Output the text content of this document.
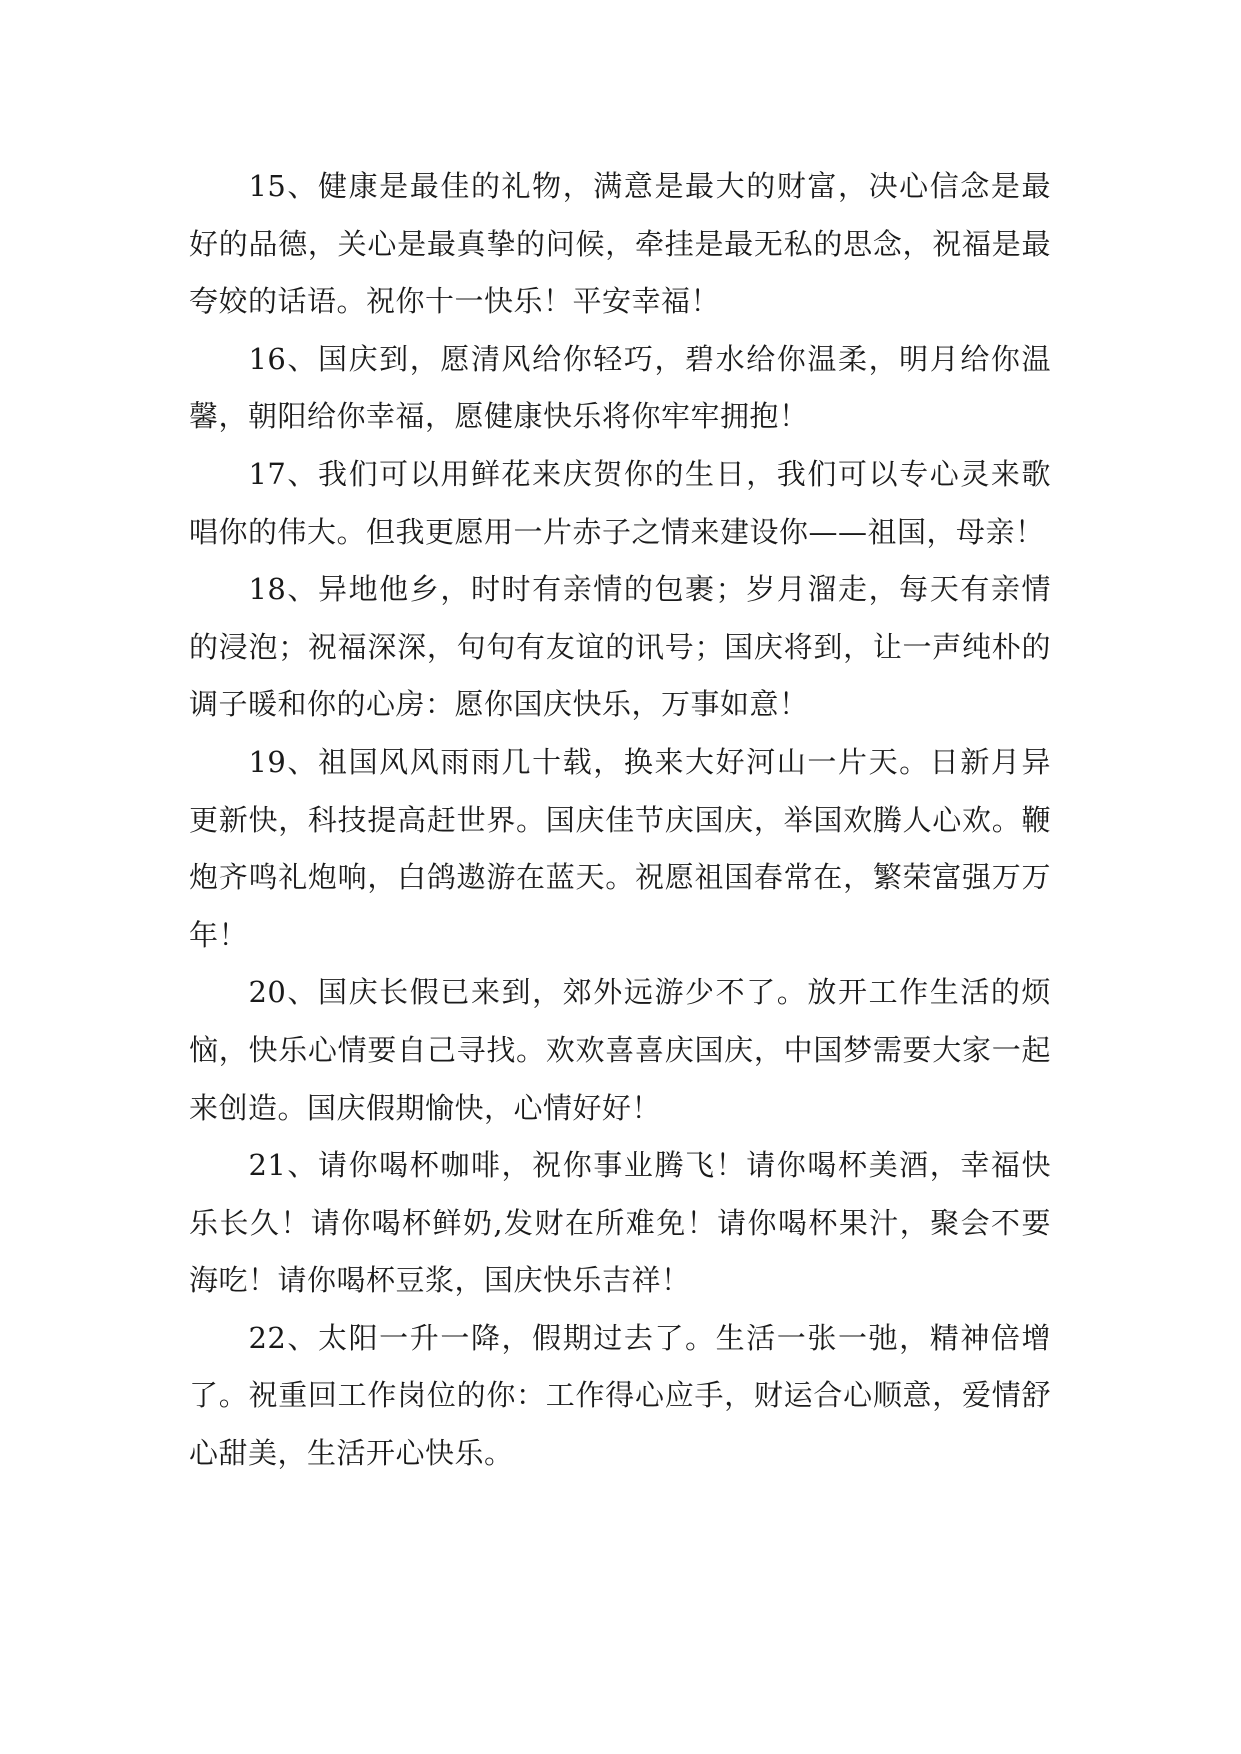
15、健康是最佳的礼物，满意是最大的财富，决心信念是最好的品德，关心是最真挚的问候，牵挂是最无私的思念，祝福是最夸姣的话语。祝你十一快乐！平安幸福！

16、国庆到，愿清风给你轻巧，碧水给你温柔，明月给你温馨，朝阳给你幸福，愿健康快乐将你牢牢拥抱！

17、我们可以用鲜花来庆贺你的生日，我们可以专心灵来歌唱你的伟大。但我更愿用一片赤子之情来建设你——祖国，母亲！

18、异地他乡，时时有亲情的包裹；岁月溜走，每天有亲情的浸泡；祝福深深，句句有友谊的讯号；国庆将到，让一声纯朴的调子暖和你的心房：愿你国庆快乐，万事如意！

19、祖国风风雨雨几十载，换来大好河山一片天。日新月异更新快，科技提高赶世界。国庆佳节庆国庆，举国欢腾人心欢。鞭炮齐鸣礼炮响，白鸽遨游在蓝天。祝愿祖国春常在，繁荣富强万万年！

20、国庆长假已来到，郊外远游少不了。放开工作生活的烦恼，快乐心情要自己寻找。欢欢喜喜庆国庆，中国梦需要大家一起来创造。国庆假期愉快，心情好好！

21、请你喝杯咖啡，祝你事业腾飞！请你喝杯美酒，幸福快乐长久！请你喝杯鲜奶,发财在所难免！请你喝杯果汁，聚会不要海吃！请你喝杯豆浆，国庆快乐吉祥！

22、太阳一升一降，假期过去了。生活一张一弛，精神倍增了。祝重回工作岗位的你：工作得心应手，财运合心顺意，爱情舒心甜美，生活开心快乐。
